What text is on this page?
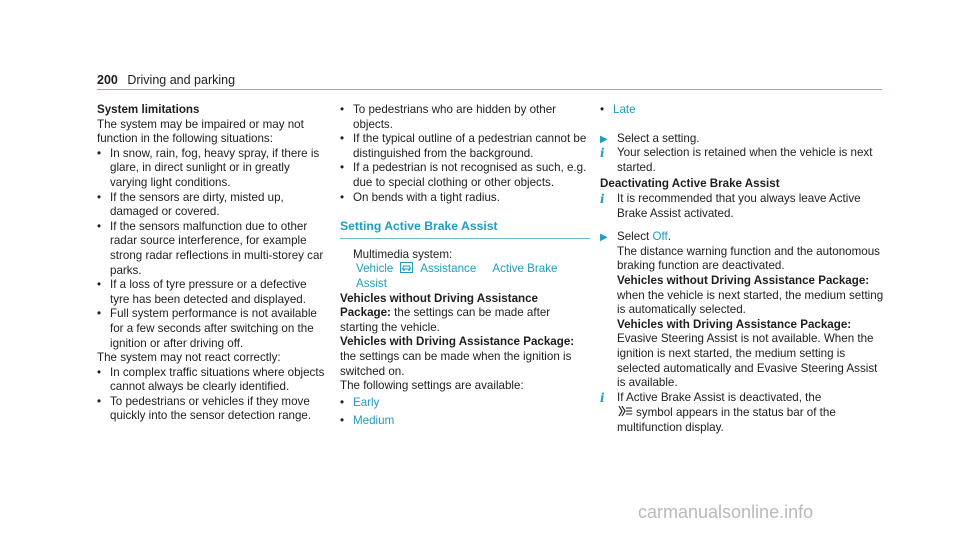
200 Driving and parking

System limitations

The system may be impaired or may not function in the following situations:

• In snow, rain, fog, heavy spray, if there is glare, in direct sunlight or in greatly varying light conditions.

• If the sensors are dirty, misted up, damaged or covered.

• If the sensors malfunction due to other radar source interference, for example strong radar reflections in multi-storey car parks.

• If a loss of tyre pressure or a defective tyre has been detected and displayed.

• Full system performance is not available for a few seconds after switching on the ignition or after driving off.

The system may not react correctly:

• In complex traffic situations where objects cannot always be clearly identified.

• To pedestrians or vehicles if they move quickly into the sensor detection range.

• To pedestrians who are hidden by other objects.

• If the typical outline of a pedestrian cannot be distinguished from the background.

• If a pedestrian is not recognised as such, e.g. due to special clothing or other objects.

• On bends with a tight radius.

Setting Active Brake Assist

Multimedia system:

Vehicle Assistance Active Brake Assist

Vehicles without Driving Assistance Package: the settings can be made after starting the vehicle.

Vehicles with Driving Assistance Package: the settings can be made when the ignition is switched on.

The following settings are available:

• Early

• Medium

• Late

▶ Select a setting.

i Your selection is retained when the vehicle is next started.

Deactivating Active Brake Assist

i It is recommended that you always leave Active Brake Assist activated.

▶ Select Off.

The distance warning function and the autonomous braking function are deactivated.

Vehicles without Driving Assistance Package: when the vehicle is next started, the medium setting is automatically selected.

Vehicles with Driving Assistance Package: Evasive Steering Assist is not available. When the ignition is next started, the medium setting is selected automatically and Evasive Steering Assist is available.

i If Active Brake Assist is deactivated, the
symbol appears in the status bar of the multifunction display.

carmanualsonline.info
